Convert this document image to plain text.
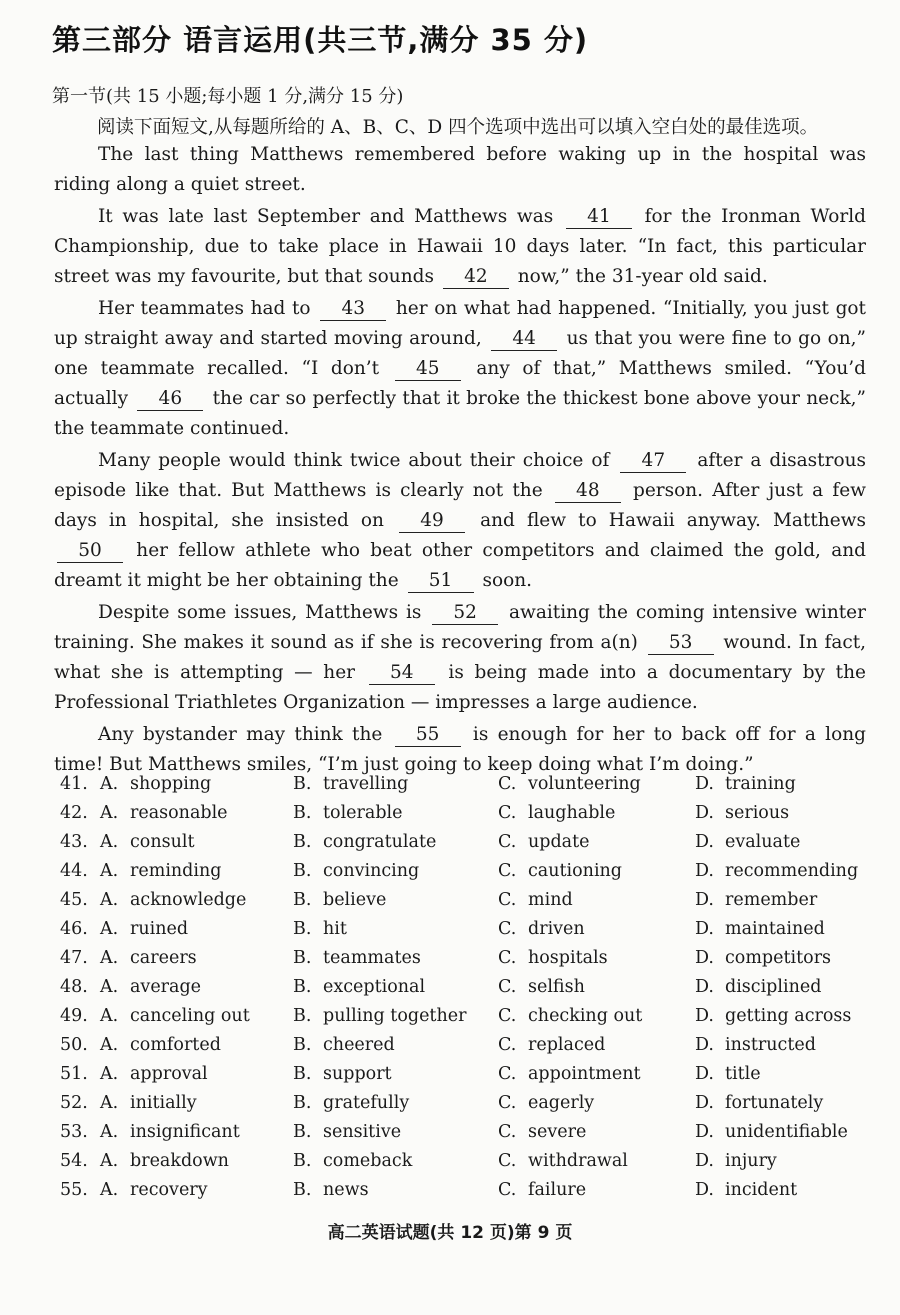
第三部分 语言运用(共三节,满分 35 分)
第一节(共 15 小题;每小题 1 分,满分 15 分)
阅读下面短文,从每题所给的 A、B、C、D 四个选项中选出可以填入空白处的最佳选项。

The last thing Matthews remembered before waking up in the hospital was riding along a quiet street.

It was late last September and Matthews was 41 for the Ironman World Championship, due to take place in Hawaii 10 days later. “In fact, this particular street was my favourite, but that sounds 42 now,” the 31-year old said.

Her teammates had to 43 her on what had happened. “Initially, you just got up straight away and started moving around, 44 us that you were fine to go on,” one teammate recalled. “I don’t 45 any of that,” Matthews smiled. “You’d actually 46 the car so perfectly that it broke the thickest bone above your neck,” the teammate continued.

Many people would think twice about their choice of 47 after a disastrous episode like that. But Matthews is clearly not the 48 person. After just a few days in hospital, she insisted on 49 and flew to Hawaii anyway. Matthews 50 her fellow athlete who beat other competitors and claimed the gold, and dreamt it might be her obtaining the 51 soon.

Despite some issues, Matthews is 52 awaiting the coming intensive winter training. She makes it sound as if she is recovering from a(n) 53 wound. In fact, what she is attempting — her 54 is being made into a documentary by the Professional Triathletes Organization — impresses a large audience.

Any bystander may think the 55 is enough for her to back off for a long time! But Matthews smiles, “I’m just going to keep doing what I’m doing.”

41. A. shopping	B. travelling	C. volunteering	D. training
42. A. reasonable	B. tolerable	C. laughable	D. serious
43. A. consult	B. congratulate	C. update	D. evaluate
44. A. reminding	B. convincing	C. cautioning	D. recommending
45. A. acknowledge	B. believe	C. mind	D. remember
46. A. ruined	B. hit	C. driven	D. maintained
47. A. careers	B. teammates	C. hospitals	D. competitors
48. A. average	B. exceptional	C. selfish	D. disciplined
49. A. canceling out B. pulling together C. checking out	D. getting across
50. A. comforted	B. cheered	C. replaced	D. instructed
51. A. approval	B. support	C. appointment	D. title
52. A. initially	B. gratefully	C. eagerly	D. fortunately
53. A. insignificant	B. sensitive	C. severe	D. unidentifiable
54. A. breakdown	B. comeback	C. withdrawal	D. injury
55. A. recovery	B. news	C. failure	D. incident
高二英语试题(共 12 页)第 9 页
